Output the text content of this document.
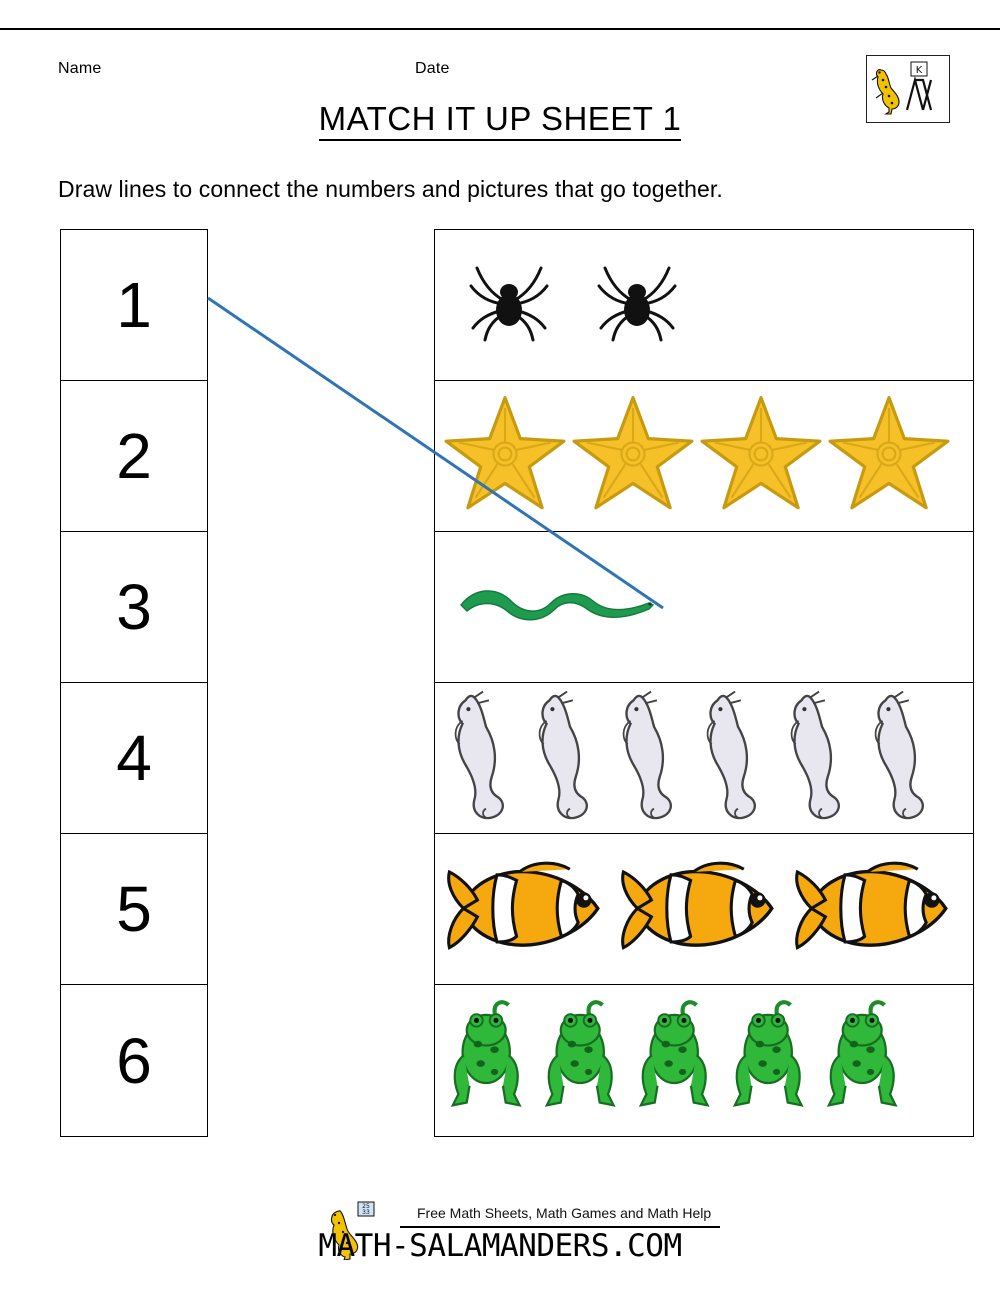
Name	Date	K
MATCH IT UP SHEET 1
Draw lines to connect the numbers and pictures that go together.
1
2
3
4
5
6
25
33	Free Math Sheets, Math Games and Math Help
MATH-SALAMANDERS.COM
